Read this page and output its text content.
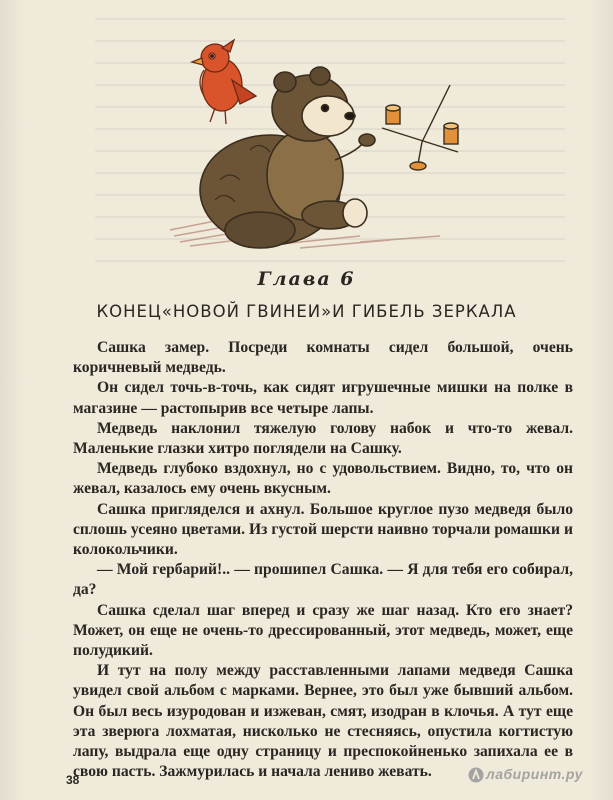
Глава 6
КОНЕЦ«НОВОЙ ГВИНЕИ»И ГИБЕЛЬ ЗЕРКАЛА

Сашка замер. Посреди комнаты сидел большой, очень коричневый медведь.

Он сидел точь-в-точь, как сидят игрушечные мишки на полке в магазине — растопырив все четыре лапы.

Медведь наклонил тяжелую голову набок и что-то жевал. Маленькие глазки хитро поглядели на Сашку.

Медведь глубоко вздохнул, но с удовольствием. Видно, то, что он жевал, казалось ему очень вкусным.

Сашка пригляделся и ахнул. Большое круглое пузо медведя было сплошь усеяно цветами. Из густой шерсти наивно торчали ромашки и колокольчики.

— Мой гербарий!.. — прошипел Сашка. — Я для тебя его собирал, да?

Сашка сделал шаг вперед и сразу же шаг назад. Кто его знает? Может, он еще не очень-то дрессированный, этот медведь, может, еще полудикий.

И тут на полу между расставленными лапами медведя Сашка увидел свой альбом с марками. Вернее, это был уже бывший альбом. Он был весь изуродован и изжеван, смят, изодран в клочья. А тут еще эта зверюга лохматая, нисколько не стесняясь, опустила когтистую лапу, выдрала еще одну страницу и преспокойненько запихала ее в свою пасть. Зажмурилась и начала лениво жевать.

38	лабиринт.ру
